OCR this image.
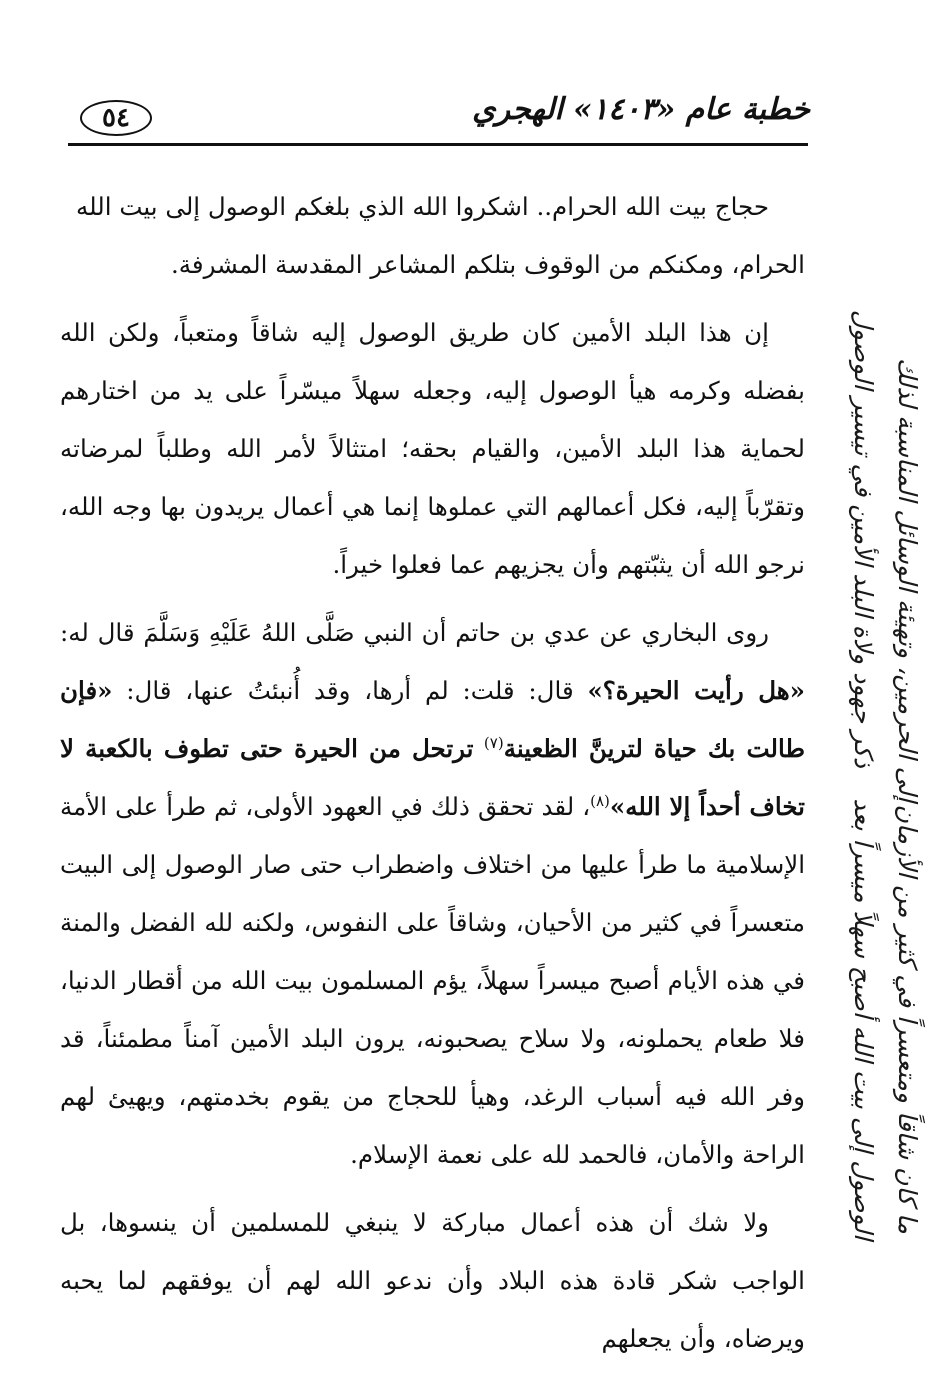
٥٤	خطبة عام «١٤٠٣» الهجري
ذكر جهود ولاة البلد الأمين في تيسير الوصول إلى الحرمين، وتهيئة الوسائل المناسبة لذلك
الوصول إلى بيت الله أصبح سهلاً ميسراً بعد ما كان شاقاً ومتعسراً في كثير من الأزمان

حجاج بيت الله الحرام.. اشكروا الله الذي بلغكم الوصول إلى بيت الله
الحرام، ومكنكم من الوقوف بتلكم المشاعر المقدسة المشرفة.

إن هذا البلد الأمين كان طريق الوصول إليه شاقاً ومتعباً، ولكن الله بفضله وكرمه هيأ الوصول إليه، وجعله سهلاً ميسّراً على يد من اختارهم لحماية هذا البلد الأمين، والقيام بحقه؛ امتثالاً لأمر الله وطلباً لمرضاته وتقرّباً إليه، فكل أعمالهم التي عملوها إنما هي أعمال يريدون بها وجه الله، نرجو الله أن يثبّتهم وأن يجزيهم عما فعلوا خيراً.

روى البخاري عن عدي بن حاتم أن النبي صَلَّى اللهُ عَلَيْهِ وَسَلَّمَ قال له: «هل رأيت الحيرة؟» قال: قلت: لم أرها، وقد أُنبئتُ عنها، قال: «فإن طالت بك حياة لترينَّ الظعينة$^{(٧)}$ ترتحل من الحيرة حتى تطوف بالكعبة لا تخاف أحداً إلا الله»$^{(٨)}$، لقد تحقق ذلك في العهود الأولى، ثم طرأ على الأمة الإسلامية ما طرأ عليها من اختلاف واضطراب حتى صار الوصول إلى البيت متعسراً في كثير من الأحيان، وشاقاً على النفوس، ولكنه لله الفضل والمنة في هذه الأيام أصبح ميسراً سهلاً، يؤم المسلمون بيت الله من أقطار الدنيا، فلا طعام يحملونه، ولا سلاح يصحبونه، يرون البلد الأمين آمناً مطمئناً، قد وفر الله فيه أسباب الرغد، وهيأ للحجاج من يقوم بخدمتهم، ويهيئ لهم الراحة والأمان، فالحمد لله على نعمة الإسلام.

ولا شك أن هذه أعمال مباركة لا ينبغي للمسلمين أن ينسوها، بل الواجب شكر قادة هذه البلاد وأن ندعو الله لهم أن يوفقهم لما يحبه ويرضاه، وأن يجعلهم
